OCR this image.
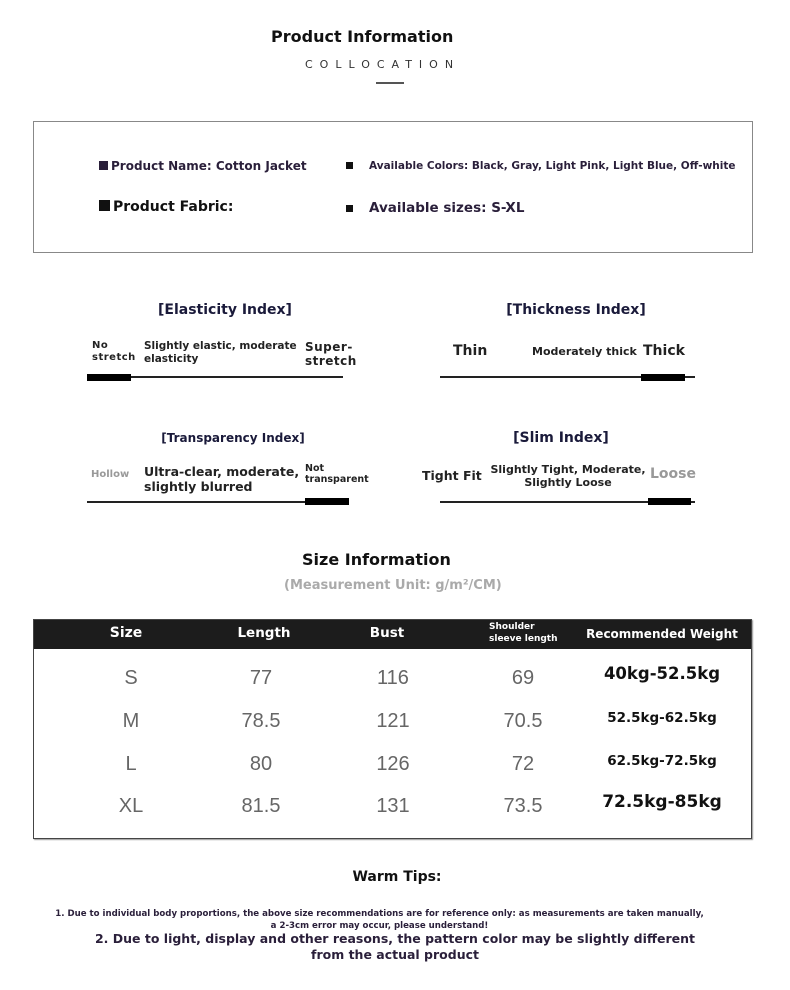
Product Information
COLLOCATION
Product Name: Cotton Jacket
Product Fabric:
Available Colors: Black, Gray, Light Pink, Light Blue, Off-white
Available sizes: S-XL
[Elasticity Index]
No stretch
Slightly elastic, moderate elasticity
Super-stretch
[Thickness Index]
Thin	Moderately thick Thick
[Transparency Index]
Hollow Ultra-clear, moderate, slightly blurred
Not transparent
[Slim Index]
Tight Fit Slightly Tight, Moderate, Slightly Loose
Loose
Size Information
(Measurement Unit: g/m²/CM)
Size	Length	Bust	Shoulder sleeve length	Recommended Weight
S	77	116	69	40kg-52.5kg
M	78.5	121	70.5	52.5kg-62.5kg
L	80	126	72	62.5kg-72.5kg
XL	81.5	131	73.5	72.5kg-85kg
Warm Tips:
1. Due to individual body proportions, the above size recommendations are for reference only: as measurements are taken manually, a 2-3cm error may occur, please understand!
2. Due to light, display and other reasons, the pattern color may be slightly different from the actual product
